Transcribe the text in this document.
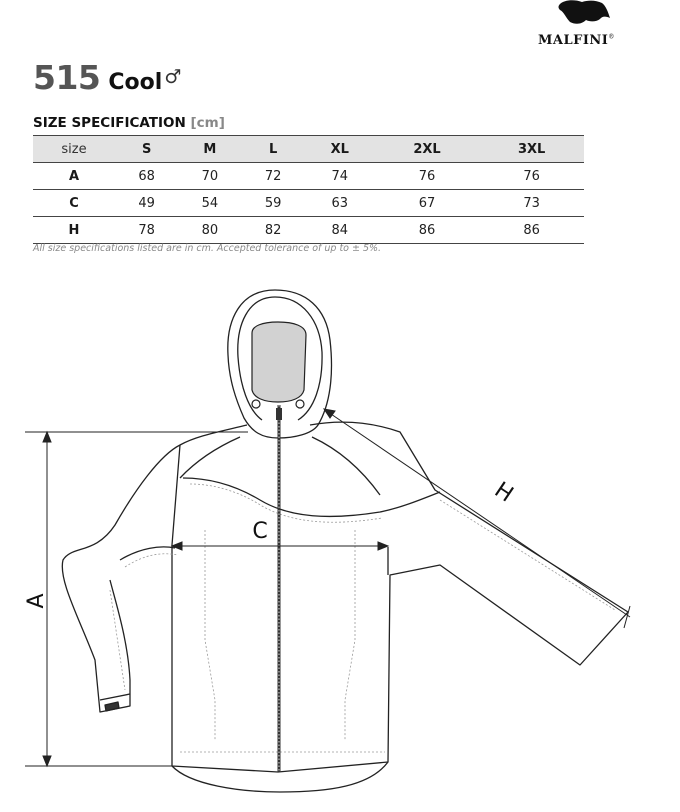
MALFINI®
515 Cool ♂
SIZE SPECIFICATION [cm]
size	S	M	L	XL	2XL	3XL
A	68	70	72	74	76	76
C	49	54	59	63	67	73
H	78	80	82	84	86	86
All size specifications listed are in cm. Accepted tolerance of up to ± 5%.
A
C
H
